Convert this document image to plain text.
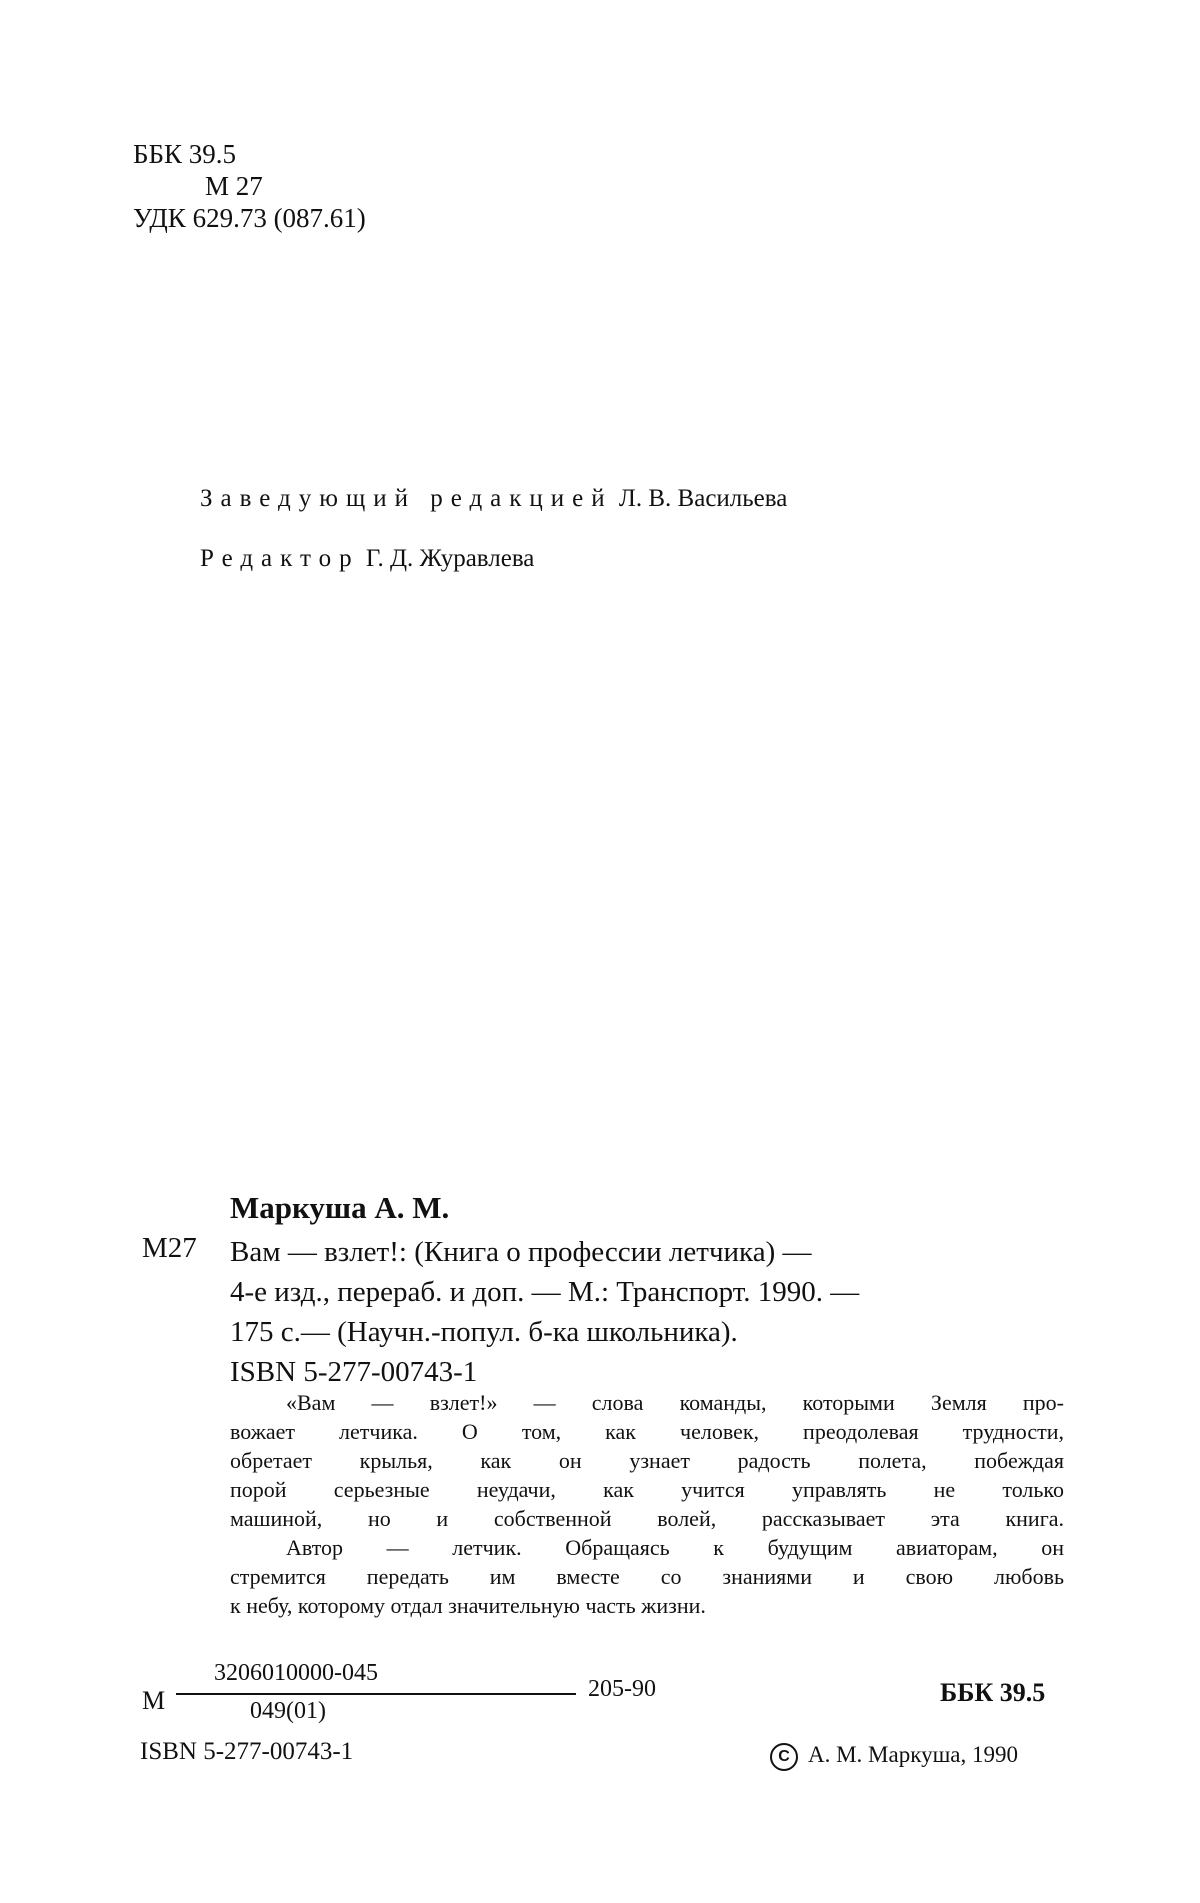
ББК 39.5
М 27
УДК 629.73 (087.61)
Заведующий редакцией Л. В. Васильева
Редактор Г. Д. Журавлева
Маркуша А. М.
М27 Вам — взлет!: (Книга о профессии летчика) —
4-е изд., перераб. и доп. — М.: Транспорт. 1990. —
175 с.— (Научн.-попул. б-ка школьника).
ISBN 5-277-00743-1

«Вам — взлет!» — слова команды, которыми Земля про-
вожает летчика. О том, как человек, преодолевая трудности,
обретает крылья, как он узнает радость полета, побеждая
порой серьезные неудачи, как учится управлять не только
машиной, но и собственной волей, рассказывает эта книга.

Автор — летчик. Обращаясь к будущим авиаторам, он
стремится передать им вместе со знаниями и свою любовь
к небу, которому отдал значительную часть жизни.

М
3206010000-045
049(01)
205-90	ББК 39.5
ISBN 5-277-00743-1	C А. М. Маркуша, 1990
